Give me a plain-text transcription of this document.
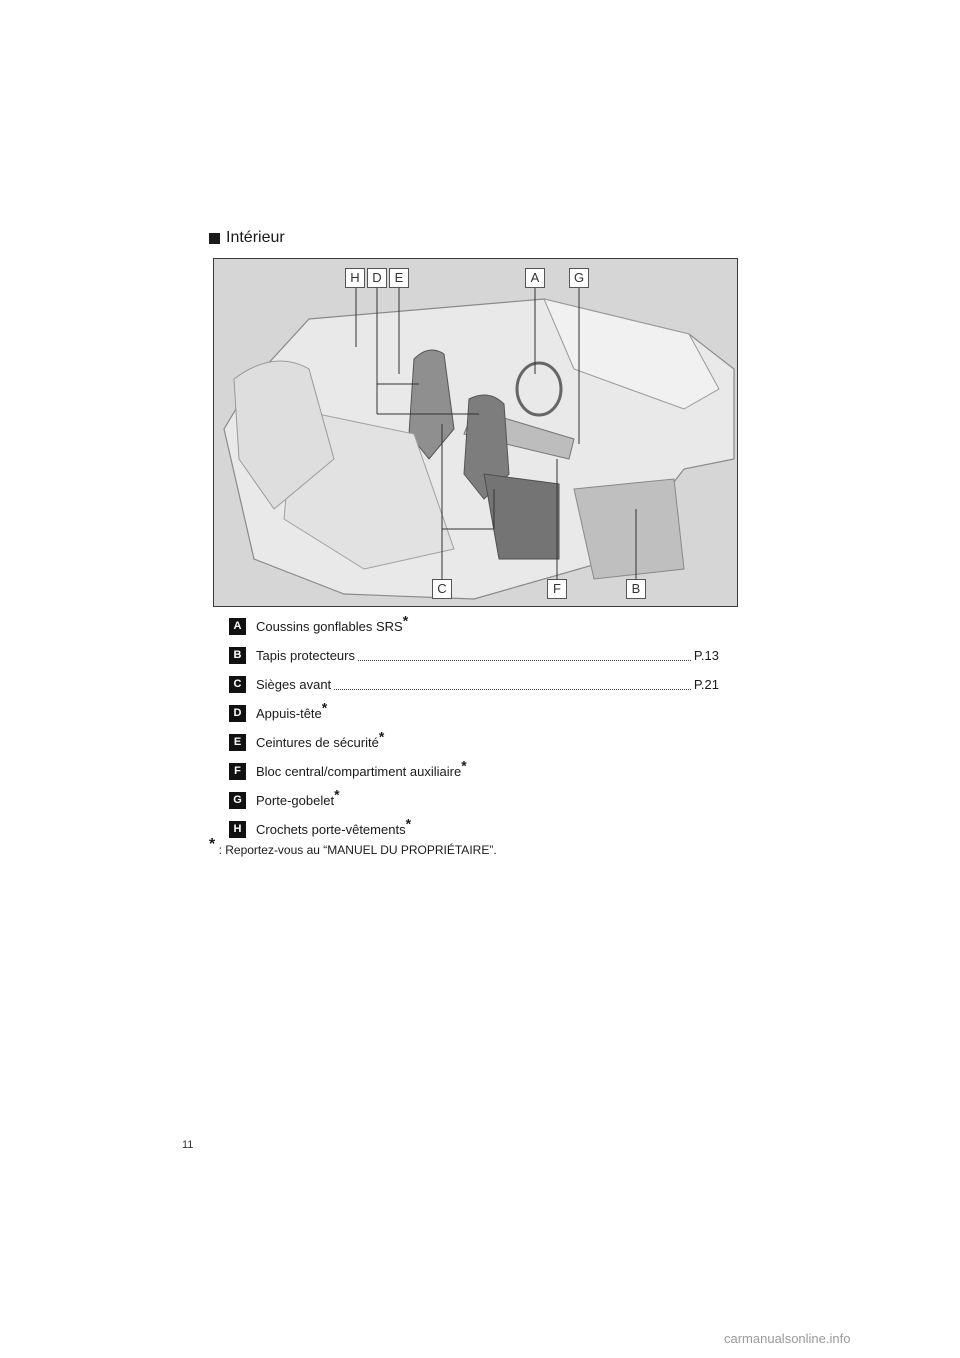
Intérieur
H D E	A	G
C	F	B
A	Coussins gonflables SRS*
B	Tapis protecteurs	P.13
C	Sièges avant	P.21
D	Appuis-tête*
E	Ceintures de sécurité*
F	Bloc central/compartiment auxiliaire*
G	Porte-gobelet*
H	Crochets porte-vêtements*
* : Reportez-vous au “MANUEL DU PROPRIÉTAIRE”.
11
carmanualsonline.info
